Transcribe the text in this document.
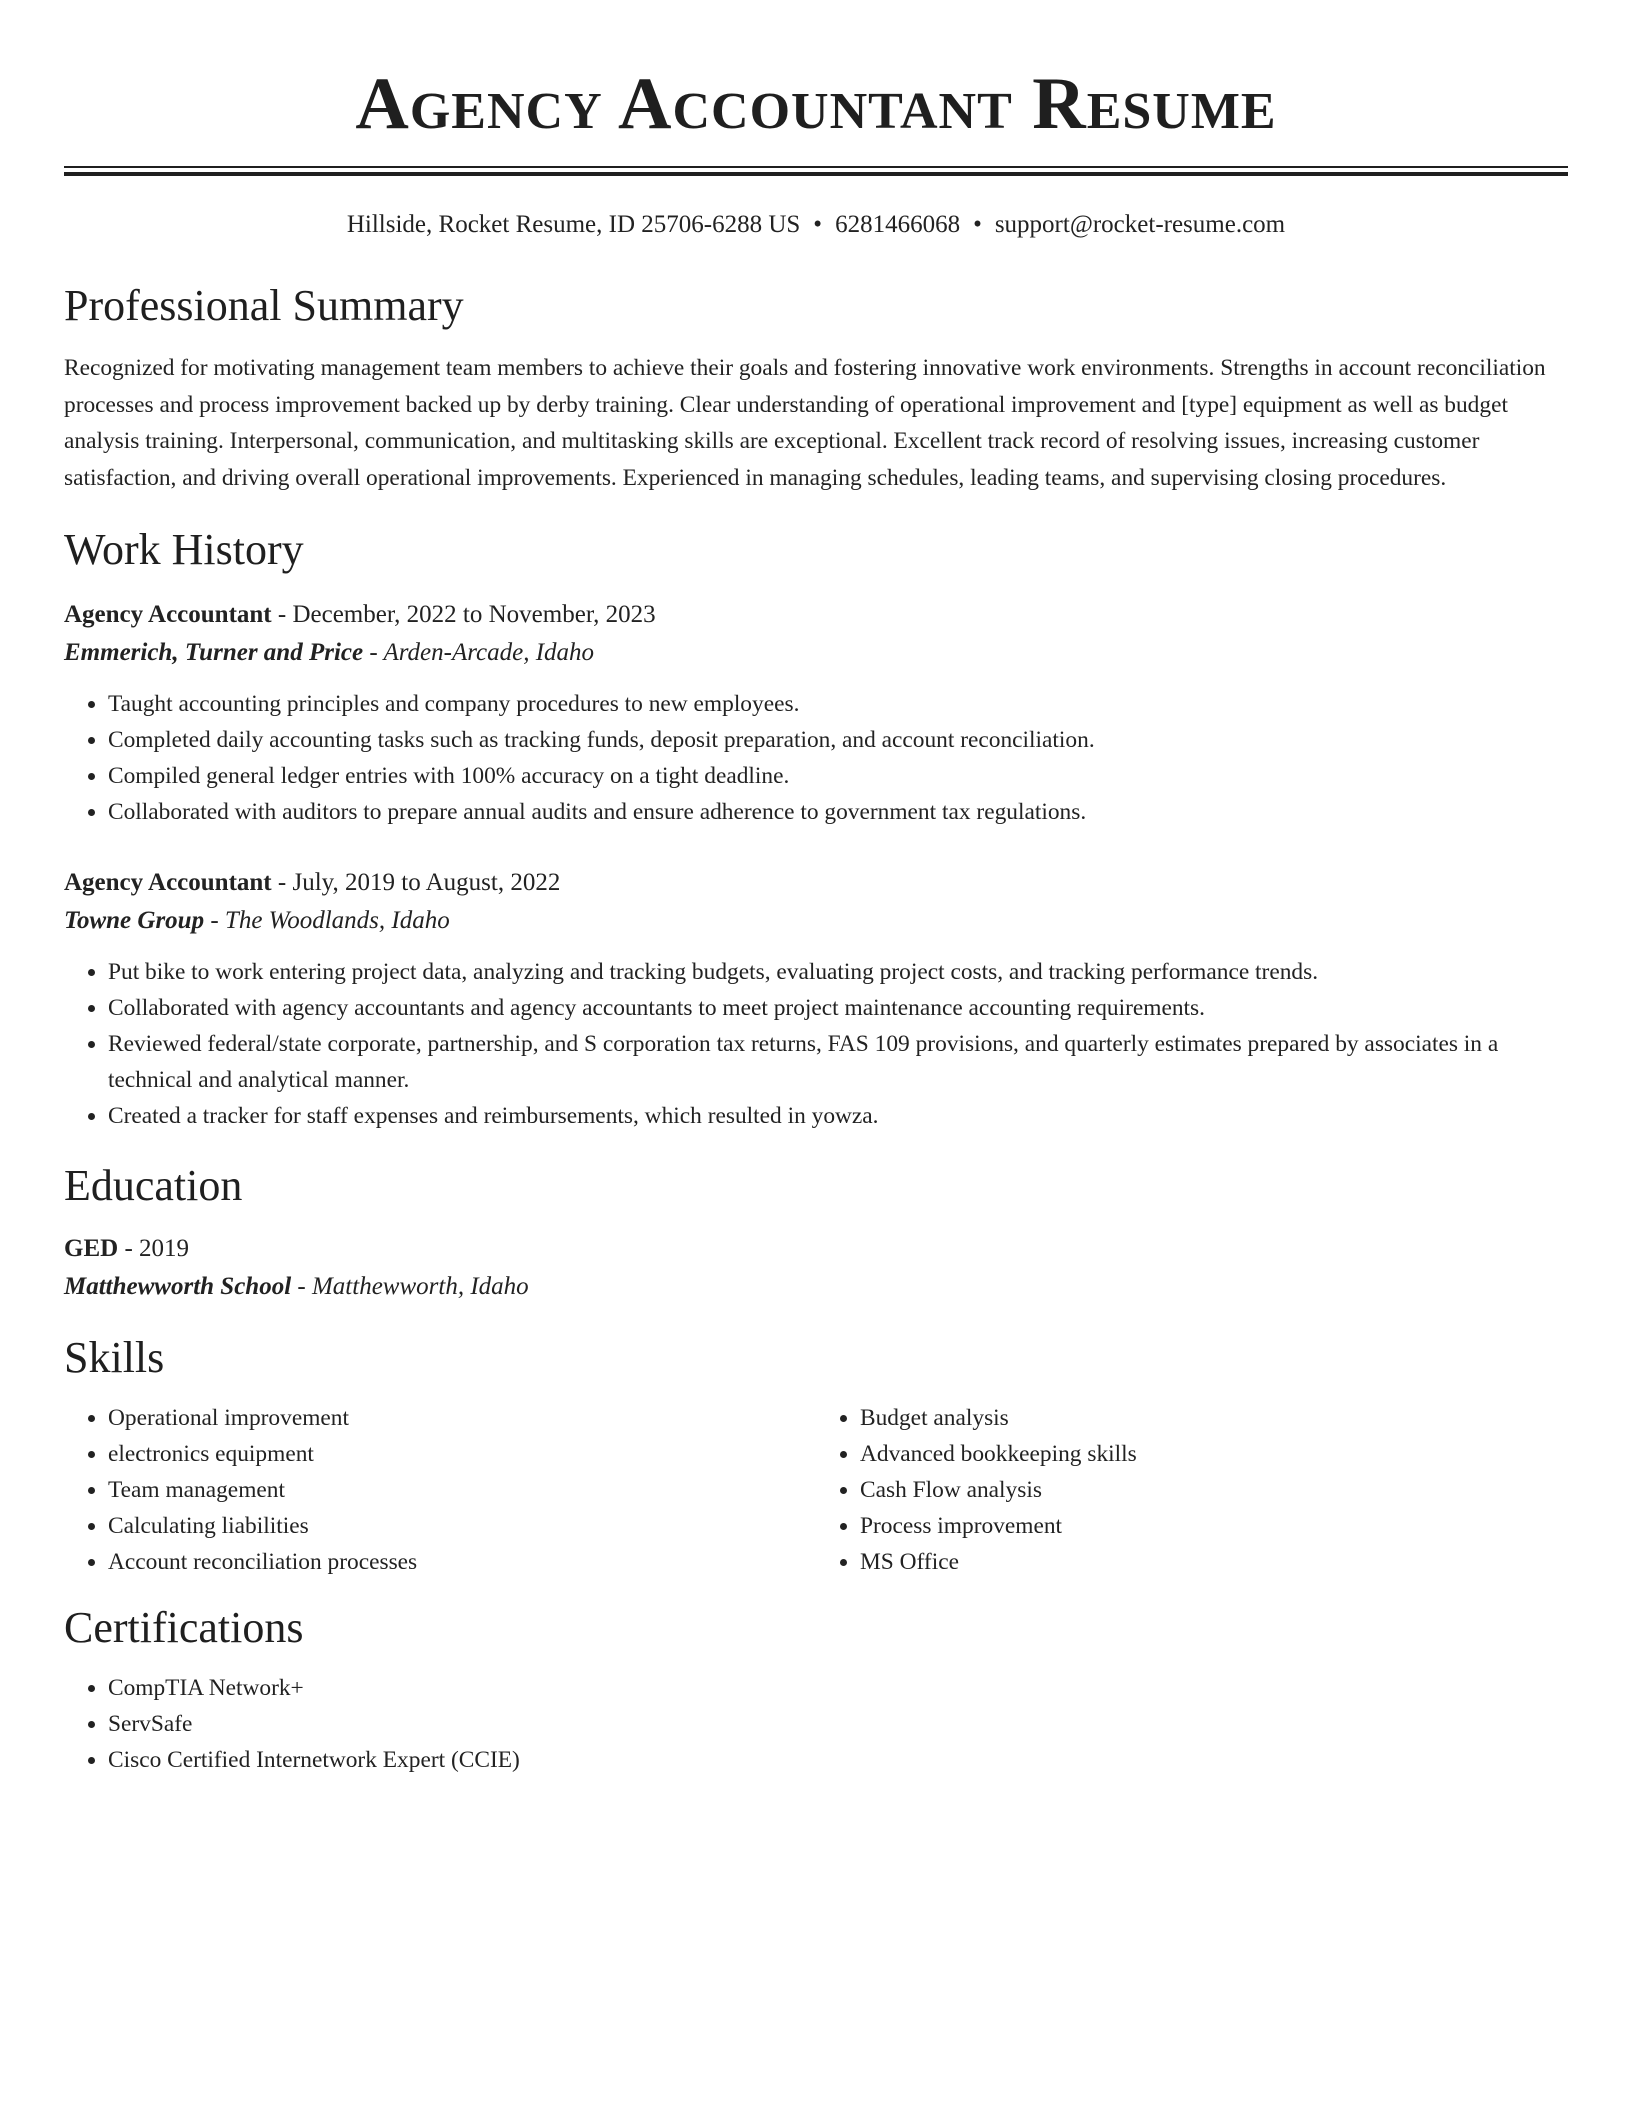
Agency Accountant Resume
Hillside, Rocket Resume, ID 25706-6288 US • 6281466068 • support@rocket-resume.com
Professional Summary

Recognized for motivating management team members to achieve their goals and fostering innovative work environments. Strengths in account reconciliation processes and process improvement backed up by derby training. Clear understanding of operational improvement and [type] equipment as well as budget analysis training. Interpersonal, communication, and multitasking skills are exceptional. Excellent track record of resolving issues, increasing customer satisfaction, and driving overall operational improvements. Experienced in managing schedules, leading teams, and supervising closing procedures.

Work History
Agency Accountant - December, 2022 to November, 2023
Emmerich, Turner and Price - Arden-Arcade, Idaho
• Taught accounting principles and company procedures to new employees.
• Completed daily accounting tasks such as tracking funds, deposit preparation, and account reconciliation.
• Compiled general ledger entries with 100% accuracy on a tight deadline.
• Collaborated with auditors to prepare annual audits and ensure adherence to government tax regulations.
Agency Accountant - July, 2019 to August, 2022
Towne Group - The Woodlands, Idaho
• Put bike to work entering project data, analyzing and tracking budgets, evaluating project costs, and tracking performance trends.
• Collaborated with agency accountants and agency accountants to meet project maintenance accounting requirements.
• Reviewed federal/state corporate, partnership, and S corporation tax returns, FAS 109 provisions, and quarterly estimates prepared by associates in a technical and analytical manner.
• Created a tracker for staff expenses and reimbursements, which resulted in yowza.
Education
GED - 2019
Matthewworth School - Matthewworth, Idaho
Skills
• Operational improvement
• electronics equipment
• Team management
• Calculating liabilities
• Account reconciliation processes
• Budget analysis
• Advanced bookkeeping skills
• Cash Flow analysis
• Process improvement
• MS Office
Certifications
• CompTIA Network+
• ServSafe
• Cisco Certified Internetwork Expert (CCIE)
